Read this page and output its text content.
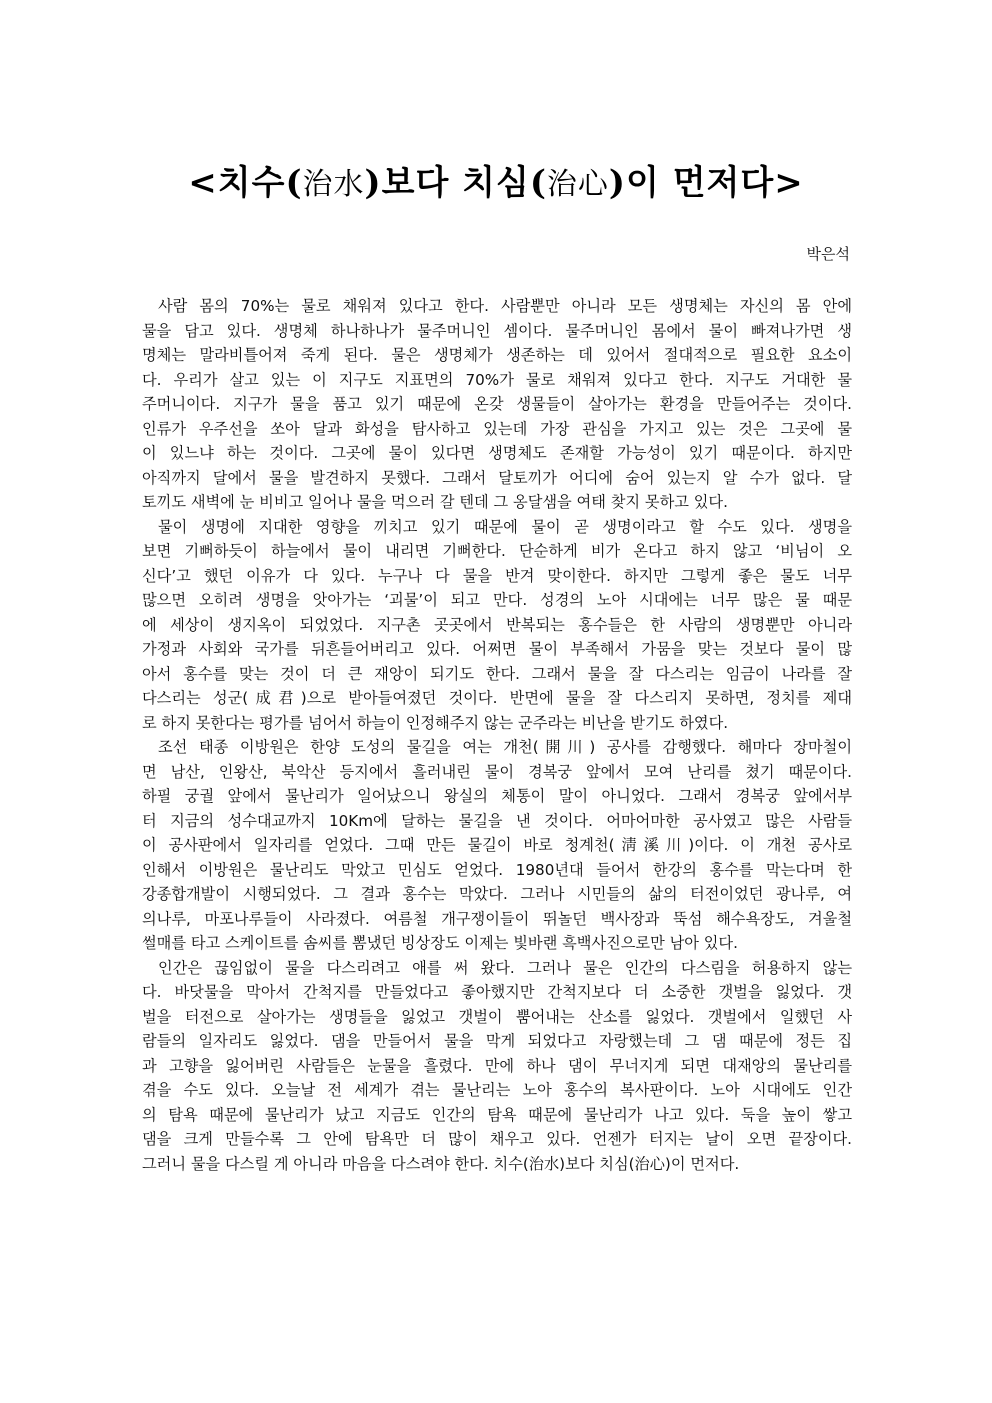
<치수(治水)보다 치심(治心)이 먼저다>
박은석
사람 몸의 70%는 물로 채워져 있다고 한다. 사람뿐만 아니라 모든 생명체는 자신의 몸 안에
물을 담고 있다. 생명체 하나하나가 물주머니인 셈이다. 물주머니인 몸에서 물이 빠져나가면 생
명체는 말라비틀어져 죽게 된다. 물은 생명체가 생존하는 데 있어서 절대적으로 필요한 요소이
다. 우리가 살고 있는 이 지구도 지표면의 70%가 물로 채워져 있다고 한다. 지구도 거대한 물
주머니이다. 지구가 물을 품고 있기 때문에 온갖 생물들이 살아가는 환경을 만들어주는 것이다.
인류가 우주선을 쏘아 달과 화성을 탐사하고 있는데 가장 관심을 가지고 있는 것은 그곳에 물
이 있느냐 하는 것이다. 그곳에 물이 있다면 생명체도 존재할 가능성이 있기 때문이다. 하지만
아직까지 달에서 물을 발견하지 못했다. 그래서 달토끼가 어디에 숨어 있는지 알 수가 없다. 달
토끼도 새벽에 눈 비비고 일어나 물을 먹으러 갈 텐데 그 옹달샘을 여태 찾지 못하고 있다.
물이 생명에 지대한 영향을 끼치고 있기 때문에 물이 곧 생명이라고 할 수도 있다. 생명을
보면 기뻐하듯이 하늘에서 물이 내리면 기뻐한다. 단순하게 비가 온다고 하지 않고 ‘비님이 오
신다’고 했던 이유가 다 있다. 누구나 다 물을 반겨 맞이한다. 하지만 그렇게 좋은 물도 너무
많으면 오히려 생명을 앗아가는 ‘괴물’이 되고 만다. 성경의 노아 시대에는 너무 많은 물 때문
에 세상이 생지옥이 되었었다. 지구촌 곳곳에서 반복되는 홍수들은 한 사람의 생명뿐만 아니라
가정과 사회와 국가를 뒤흔들어버리고 있다. 어쩌면 물이 부족해서 가뭄을 맞는 것보다 물이 많
아서 홍수를 맞는 것이 더 큰 재앙이 되기도 한다. 그래서 물을 잘 다스리는 임금이 나라를 잘
다스리는 성군(成君)으로 받아들여졌던 것이다. 반면에 물을 잘 다스리지 못하면, 정치를 제대
로 하지 못한다는 평가를 넘어서 하늘이 인정해주지 않는 군주라는 비난을 받기도 하였다.
조선 태종 이방원은 한양 도성의 물길을 여는 개천(開川) 공사를 감행했다. 해마다 장마철이
면 남산, 인왕산, 북악산 등지에서 흘러내린 물이 경복궁 앞에서 모여 난리를 쳤기 때문이다.
하필 궁궐 앞에서 물난리가 일어났으니 왕실의 체통이 말이 아니었다. 그래서 경복궁 앞에서부
터 지금의 성수대교까지 10Km에 달하는 물길을 낸 것이다. 어마어마한 공사였고 많은 사람들
이 공사판에서 일자리를 얻었다. 그때 만든 물길이 바로 청계천(淸溪川)이다. 이 개천 공사로
인해서 이방원은 물난리도 막았고 민심도 얻었다. 1980년대 들어서 한강의 홍수를 막는다며 한
강종합개발이 시행되었다. 그 결과 홍수는 막았다. 그러나 시민들의 삶의 터전이었던 광나루, 여
의나루, 마포나루들이 사라졌다. 여름철 개구쟁이들이 뛰놀던 백사장과 뚝섬 해수욕장도, 겨울철
썰매를 타고 스케이트를 솜씨를 뽐냈던 빙상장도 이제는 빛바랜 흑백사진으로만 남아 있다.
인간은 끊임없이 물을 다스리려고 애를 써 왔다. 그러나 물은 인간의 다스림을 허용하지 않는
다. 바닷물을 막아서 간척지를 만들었다고 좋아했지만 간척지보다 더 소중한 갯벌을 잃었다. 갯
벌을 터전으로 살아가는 생명들을 잃었고 갯벌이 뿜어내는 산소를 잃었다. 갯벌에서 일했던 사
람들의 일자리도 잃었다. 댐을 만들어서 물을 막게 되었다고 자랑했는데 그 댐 때문에 정든 집
과 고향을 잃어버린 사람들은 눈물을 흘렸다. 만에 하나 댐이 무너지게 되면 대재앙의 물난리를
겪을 수도 있다. 오늘날 전 세계가 겪는 물난리는 노아 홍수의 복사판이다. 노아 시대에도 인간
의 탐욕 때문에 물난리가 났고 지금도 인간의 탐욕 때문에 물난리가 나고 있다. 둑을 높이 쌓고
댐을 크게 만들수록 그 안에 탐욕만 더 많이 채우고 있다. 언젠가 터지는 날이 오면 끝장이다.
그러니 물을 다스릴 게 아니라 마음을 다스려야 한다. 치수(治水)보다 치심(治心)이 먼저다.
